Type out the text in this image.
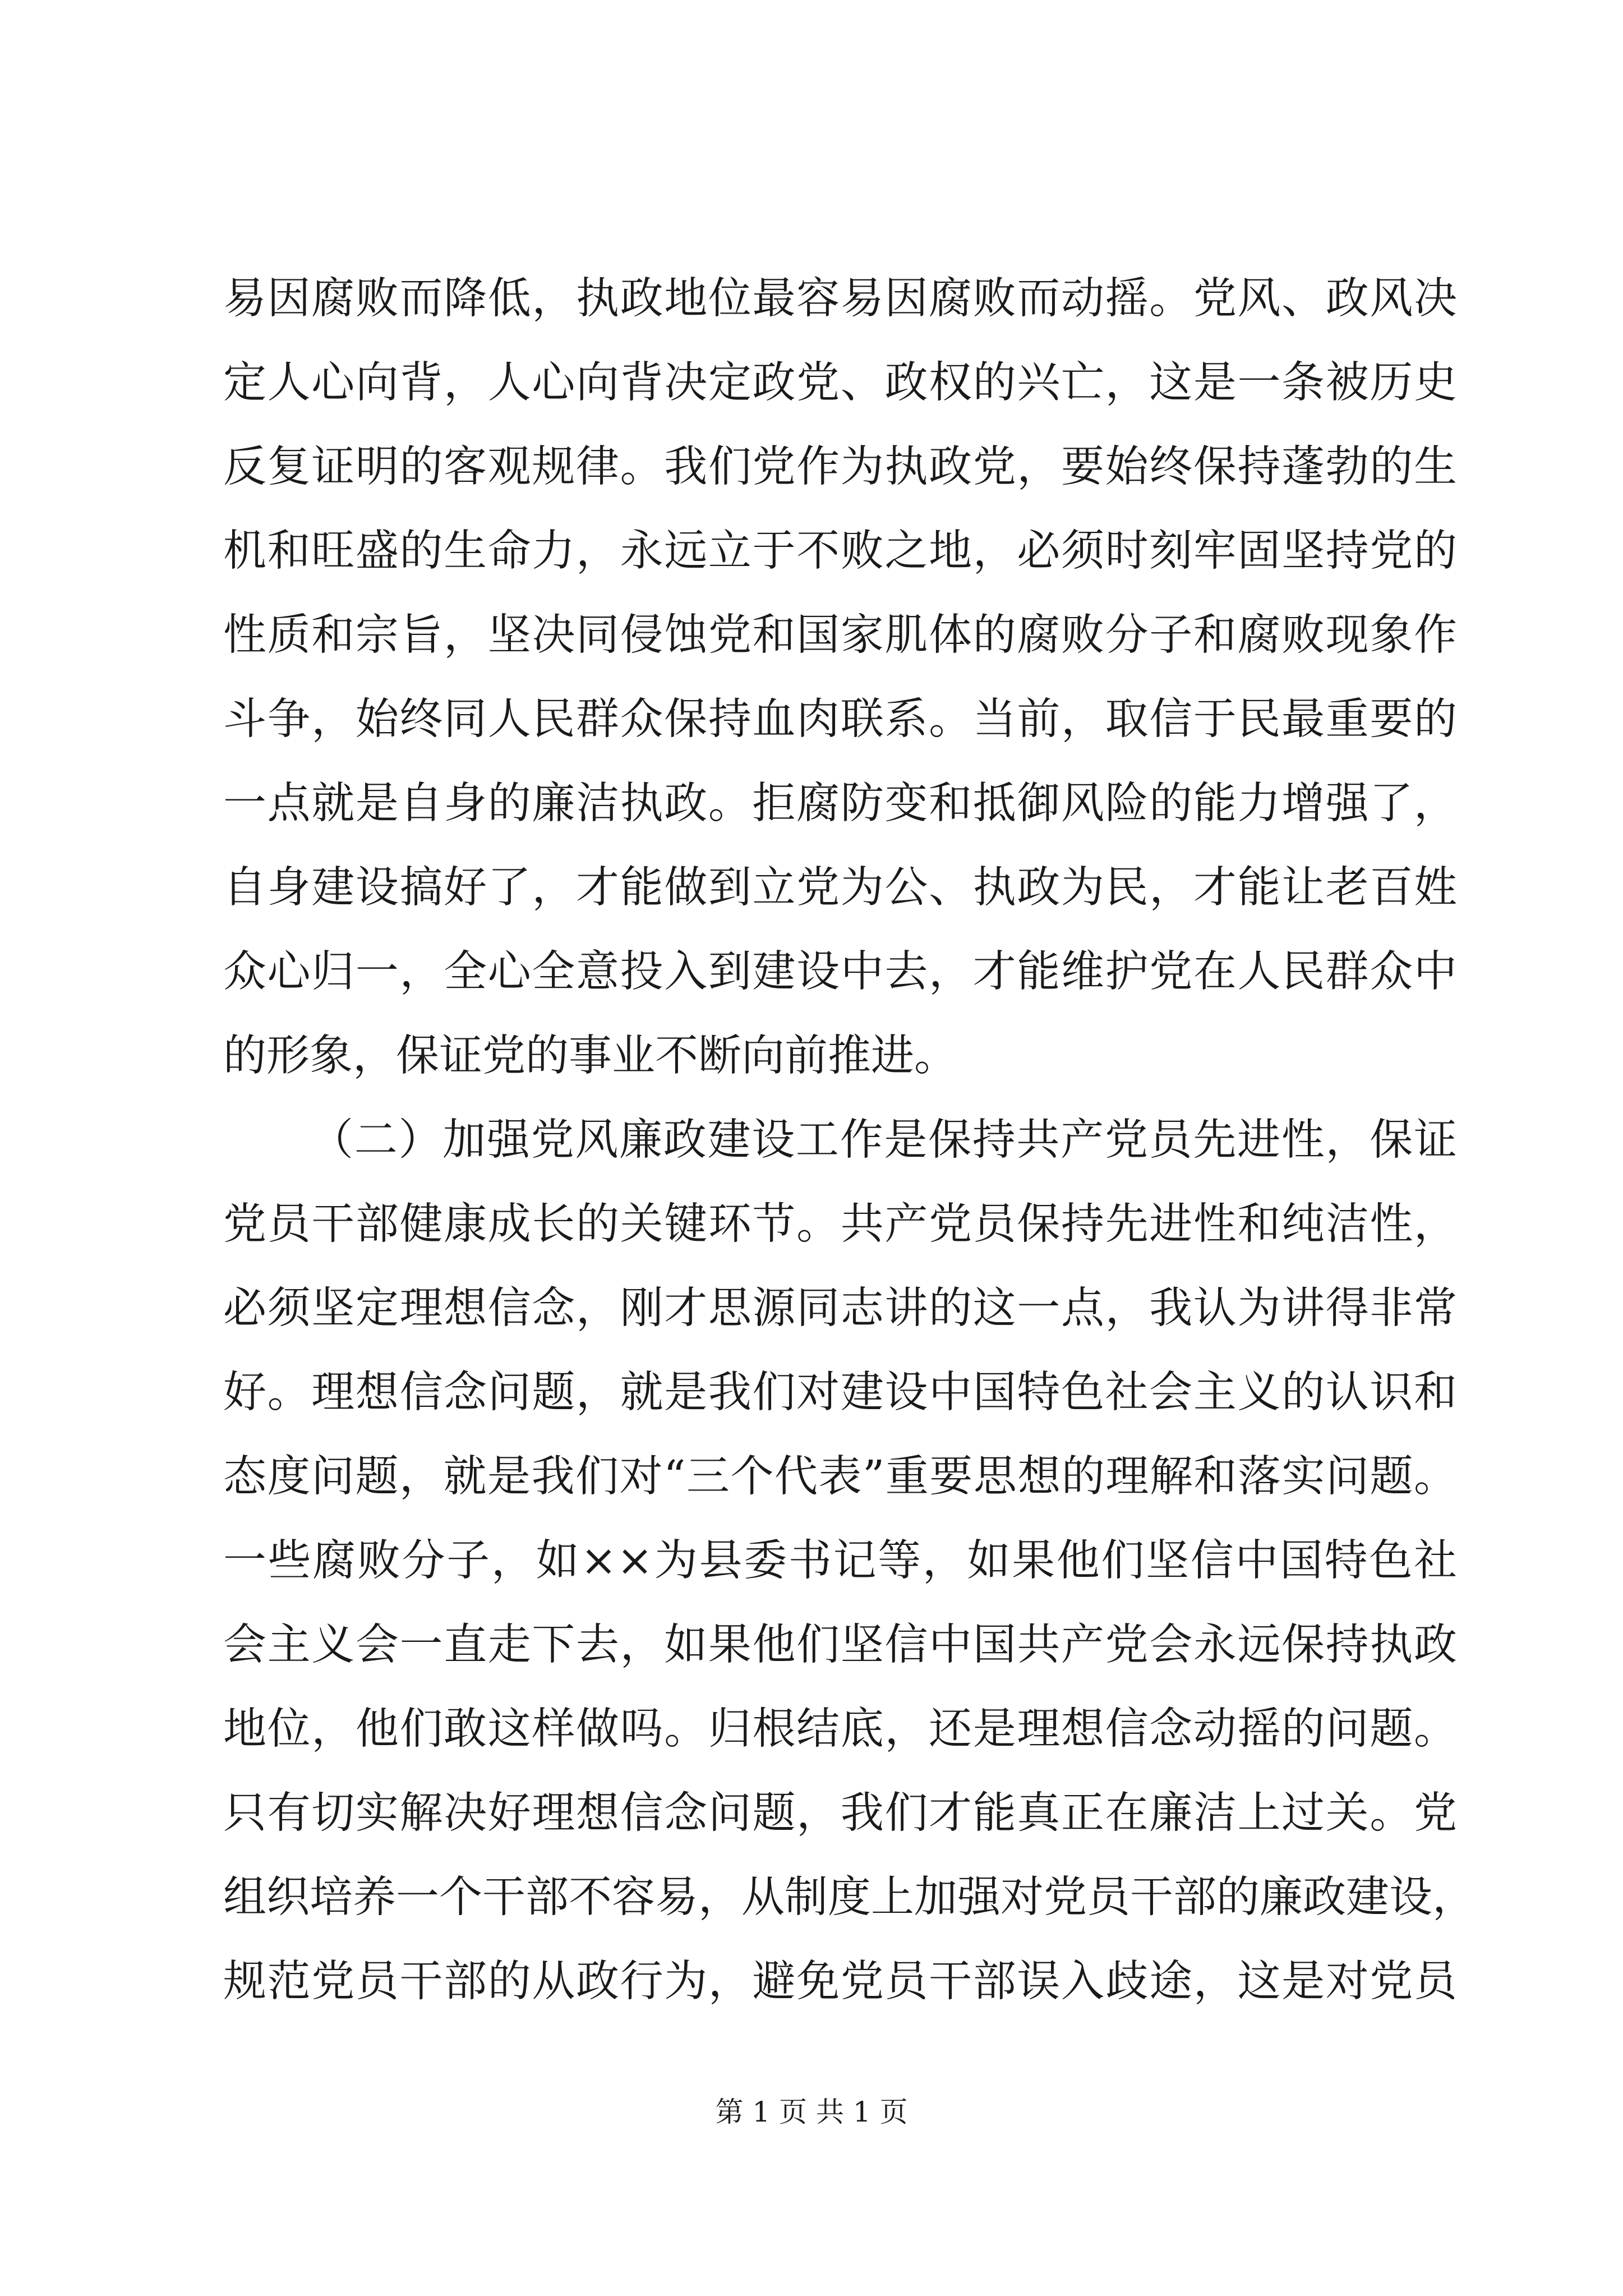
易因腐败而降低，执政地位最容易因腐败而动摇。党风、政风决
定人心向背，人心向背决定政党、政权的兴亡，这是一条被历史
反复证明的客观规律。我们党作为执政党，要始终保持蓬勃的生
机和旺盛的生命力，永远立于不败之地，必须时刻牢固坚持党的
性质和宗旨，坚决同侵蚀党和国家肌体的腐败分子和腐败现象作
斗争，始终同人民群众保持血肉联系。当前，取信于民最重要的
一点就是自身的廉洁执政。拒腐防变和抵御风险的能力增强了，
自身建设搞好了，才能做到立党为公、执政为民，才能让老百姓
众心归一，全心全意投入到建设中去，才能维护党在人民群众中
的形象，保证党的事业不断向前推进。
（二）加强党风廉政建设工作是保持共产党员先进性，保证
党员干部健康成长的关键环节。共产党员保持先进性和纯洁性，
必须坚定理想信念，刚才思源同志讲的这一点，我认为讲得非常
好。理想信念问题，就是我们对建设中国特色社会主义的认识和
态度问题，就是我们对“三个代表”重要思想的理解和落实问题。
一些腐败分子，如××为县委书记等，如果他们坚信中国特色社
会主义会一直走下去，如果他们坚信中国共产党会永远保持执政
地位，他们敢这样做吗。归根结底，还是理想信念动摇的问题。
只有切实解决好理想信念问题，我们才能真正在廉洁上过关。党
组织培养一个干部不容易，从制度上加强对党员干部的廉政建设，
规范党员干部的从政行为，避免党员干部误入歧途，这是对党员
第 1 页 共 1 页
